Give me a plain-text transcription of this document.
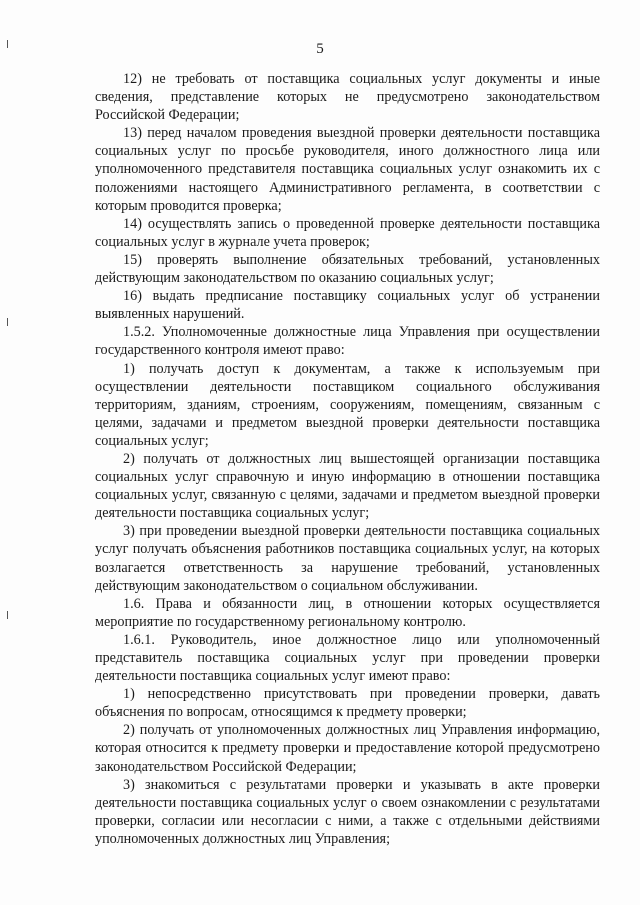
5

12) не требовать от поставщика социальных услуг документы и иные сведения, представление которых не предусмотрено законодательством Российской Федерации;

13) перед началом проведения выездной проверки деятельности поставщика социальных услуг по просьбе руководителя, иного должностного лица или уполномоченного представителя поставщика социальных услуг ознакомить их с положениями настоящего Административного регламента, в соответствии с которым проводится проверка;

14) осуществлять запись о проведенной проверке деятельности поставщика социальных услуг в журнале учета проверок;

15) проверять выполнение обязательных требований, установленных действующим законодательством по оказанию социальных услуг;

16) выдать предписание поставщику социальных услуг об устранении выявленных нарушений.

1.5.2. Уполномоченные должностные лица Управления при осуществлении государственного контроля имеют право:

1) получать доступ к документам, а также к используемым при осуществлении деятельности поставщиком социального обслуживания территориям, зданиям, строениям, сооружениям, помещениям, связанным с целями, задачами и предметом выездной проверки деятельности поставщика социальных услуг;

2) получать от должностных лиц вышестоящей организации поставщика социальных услуг справочную и иную информацию в отношении поставщика социальных услуг, связанную с целями, задачами и предметом выездной проверки деятельности поставщика социальных услуг;

3) при проведении выездной проверки деятельности поставщика социальных услуг получать объяснения работников поставщика социальных услуг, на которых возлагается ответственность за нарушение требований, установленных действующим законодательством о социальном обслуживании.

1.6. Права и обязанности лиц, в отношении которых осуществляется мероприятие по государственному региональному контролю.

1.6.1. Руководитель, иное должностное лицо или уполномоченный представитель поставщика социальных услуг при проведении проверки деятельности поставщика социальных услуг имеют право:

1) непосредственно присутствовать при проведении проверки, давать объяснения по вопросам, относящимся к предмету проверки;

2) получать от уполномоченных должностных лиц Управления информацию, которая относится к предмету проверки и предоставление которой предусмотрено законодательством Российской Федерации;

3) знакомиться с результатами проверки и указывать в акте проверки деятельности поставщика социальных услуг о своем ознакомлении с результатами проверки, согласии или несогласии с ними, а также с отдельными действиями уполномоченных должностных лиц Управления;
